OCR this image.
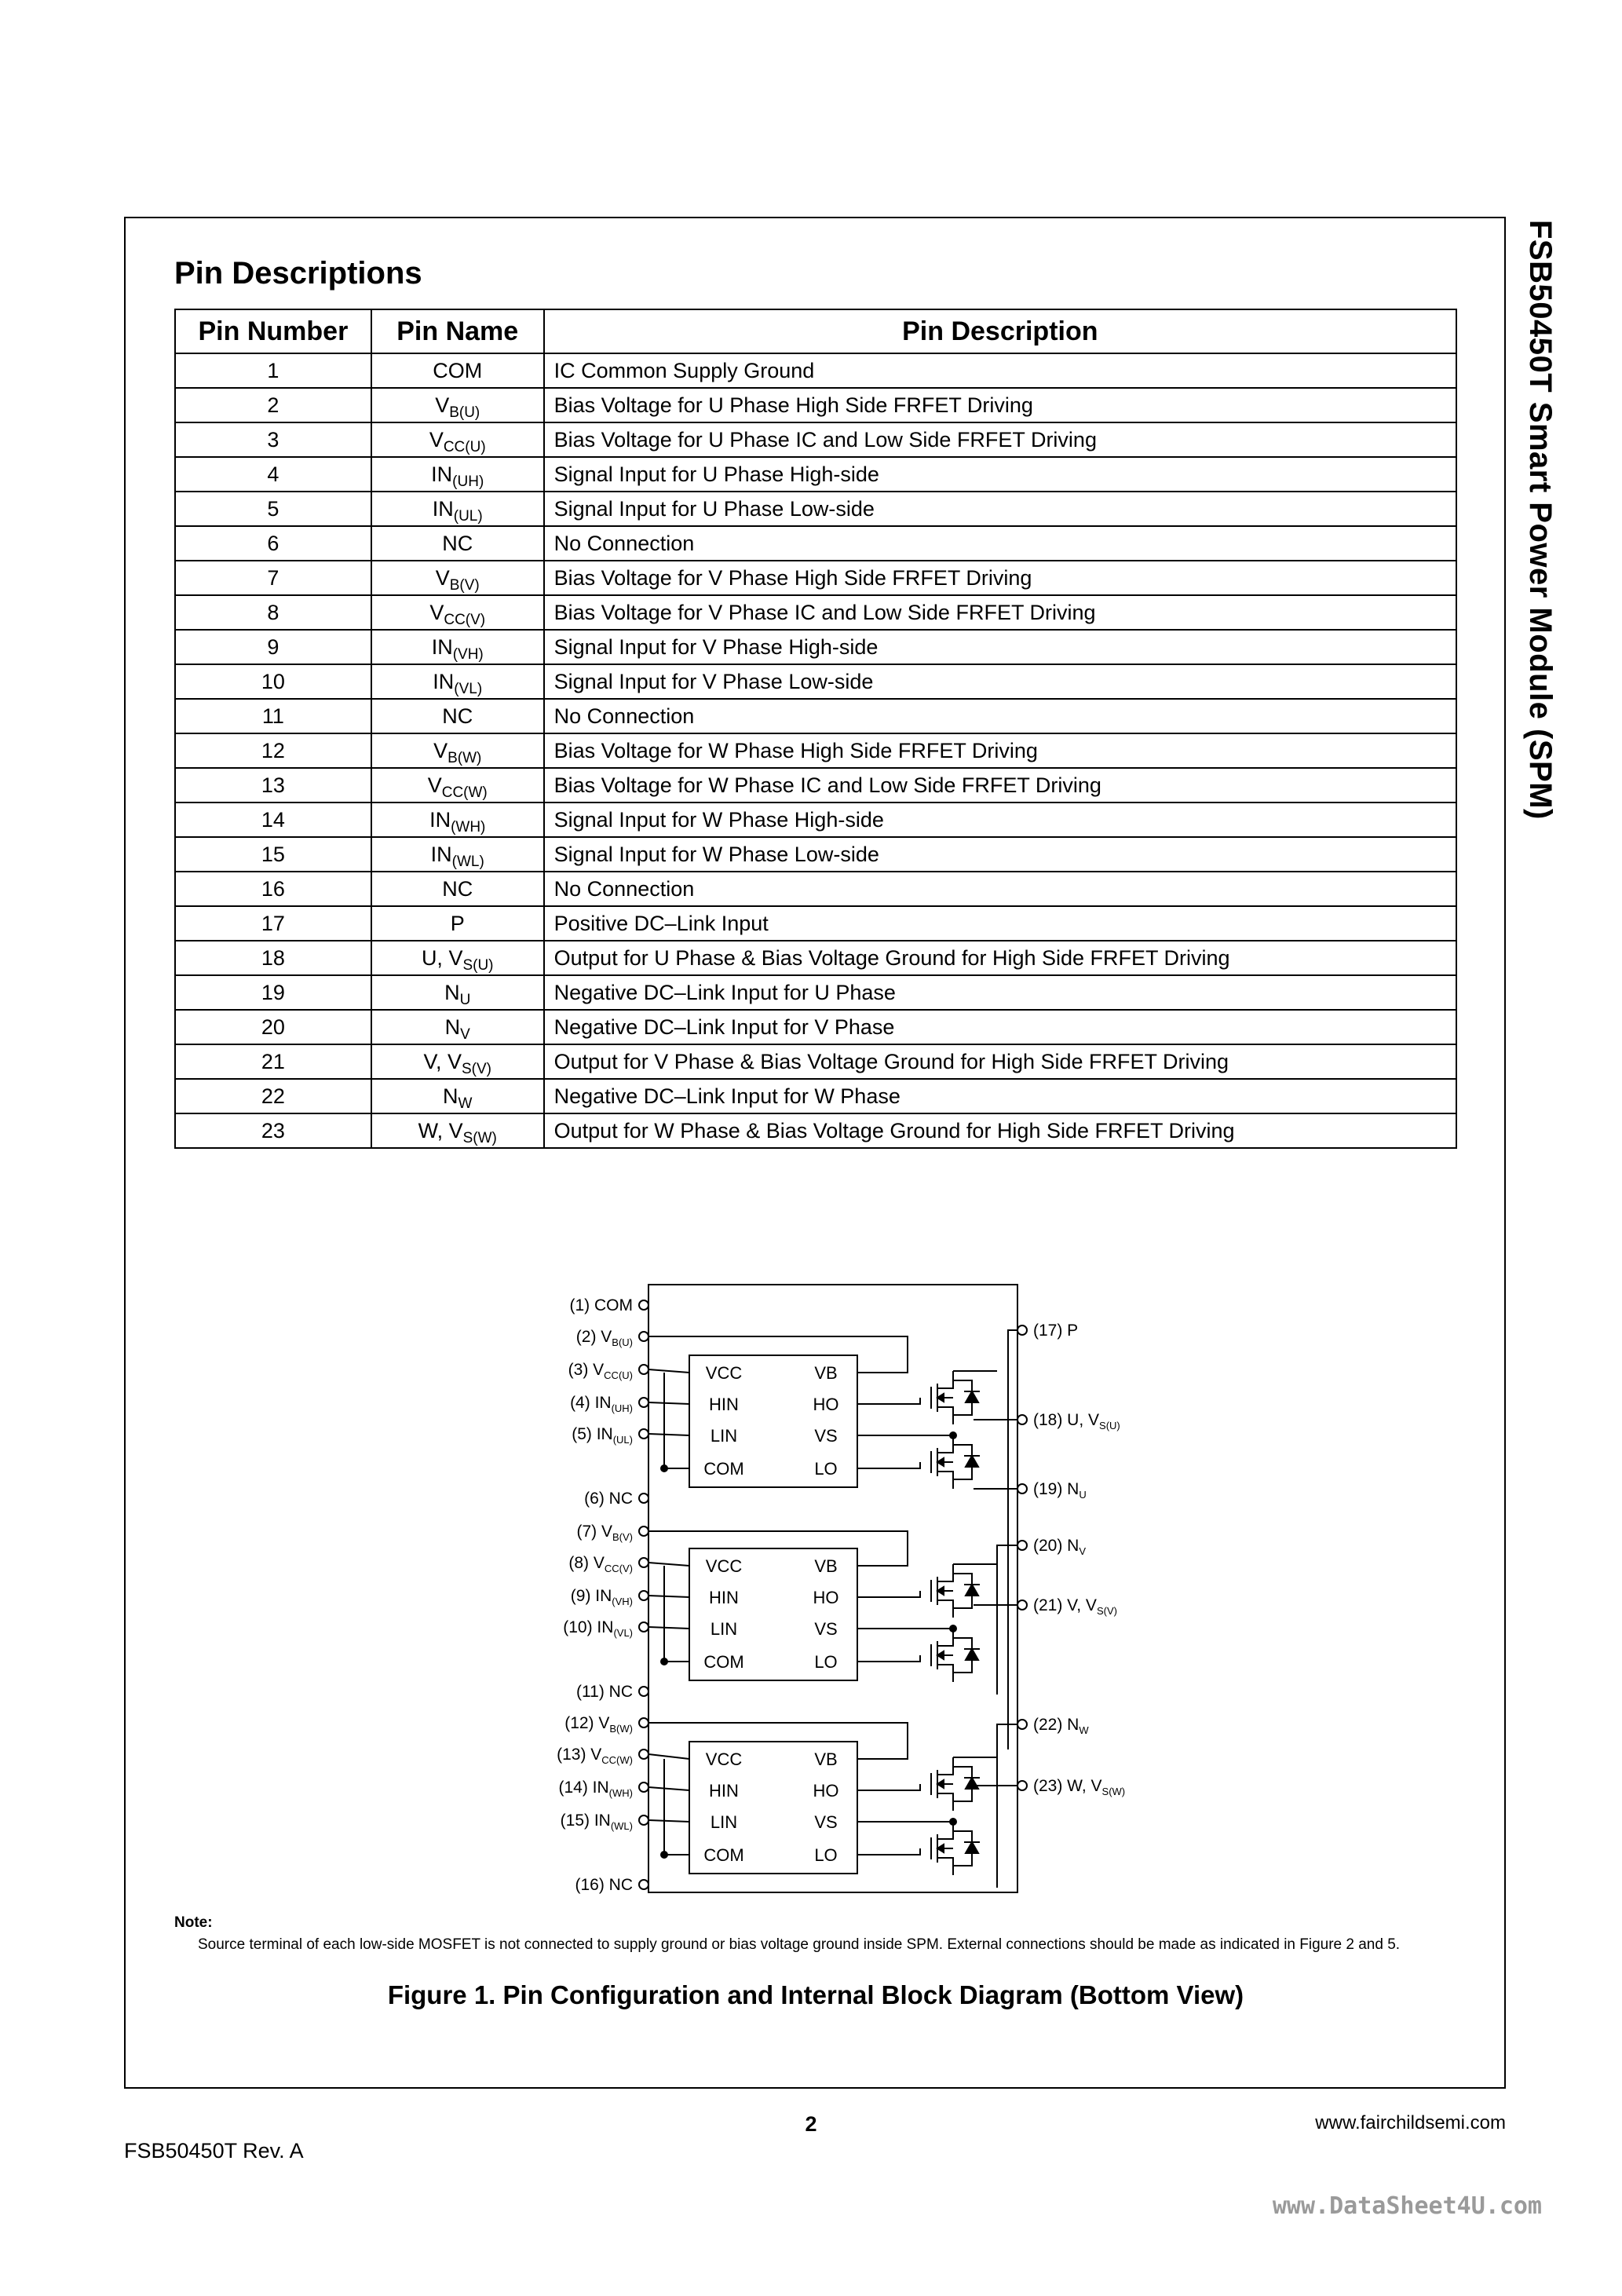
FSB50450T Smart Power Module (SPM)
Pin Descriptions
Pin Number	Pin Name	Pin Description
1	COM	IC Common Supply Ground
2	$V_{B(U)}$	Bias Voltage for U Phase High Side FRFET Driving
3	$V_{CC(U)}$	Bias Voltage for U Phase IC and Low Side FRFET Driving
4	$IN_{(UH)}$	Signal Input for U Phase High-side
5	$IN_{(UL)}$	Signal Input for U Phase Low-side
6	NC	No Connection
7	$V_{B(V)}$	Bias Voltage for V Phase High Side FRFET Driving
8	$V_{CC(V)}$	Bias Voltage for V Phase IC and Low Side FRFET Driving
9	$IN_{(VH)}$	Signal Input for V Phase High-side
10	$IN_{(VL)}$	Signal Input for V Phase Low-side
11	NC	No Connection
12	$V_{B(W)}$	Bias Voltage for W Phase High Side FRFET Driving
13	$V_{CC(W)}$	Bias Voltage for W Phase IC and Low Side FRFET Driving
14	$IN_{(WH)}$	Signal Input for W Phase High-side
15	$IN_{(WL)}$	Signal Input for W Phase Low-side
16	NC	No Connection
17	P	Positive DC–Link Input
18	U, $V_{S(U)}$	Output for U Phase & Bias Voltage Ground for High Side FRFET Driving
19	$N_U$	Negative DC–Link Input for U Phase
20	$N_V$	Negative DC–Link Input for V Phase
21	V, $V_{S(V)}$	Output for V Phase & Bias Voltage Ground for High Side FRFET Driving
22	$N_W$	Negative DC–Link Input for W Phase
23	W, $V_{S(W)}$	Output for W Phase & Bias Voltage Ground for High Side FRFET Driving
(1) COM
(2) $V_{B(U)}$
(3) $V_{CC(U)}$
(4) $IN_{(UH)}$
(5) $IN_{(UL)}$
(6) NC
(7) $V_{B(V)}$
(8) $V_{CC(V)}$
(9) $IN_{(VH)}$
(10) $IN_{(VL)}$
(11) NC
(12) $V_{B(W)}$
(13) $V_{CC(W)}$
(14) $IN_{(WH)}$
(15) $IN_{(WL)}$
(16) NC
(17) P
(18) U, $V_{S(U)}$
(19) $N_U$
(20) $N_V$
(21) V, $V_{S(V)}$
(22) $N_W$
(23) W, $V_{S(W)}$
VCC	VB
HIN	HO
LIN	VS
COM	LO
VCC	VB
HIN	HO
LIN	VS
COM	LO
VCC	VB
HIN	HO
LIN	VS
COM	LO
Note:
Source terminal of each low-side MOSFET is not connected to supply ground or bias voltage ground inside SPM. External connections should be made as indicated in Figure 2 and 5.
Figure 1. Pin Configuration and Internal Block Diagram (Bottom View)
2	www.fairchildsemi.com
FSB50450T Rev. A
www.DataSheet4U.com
